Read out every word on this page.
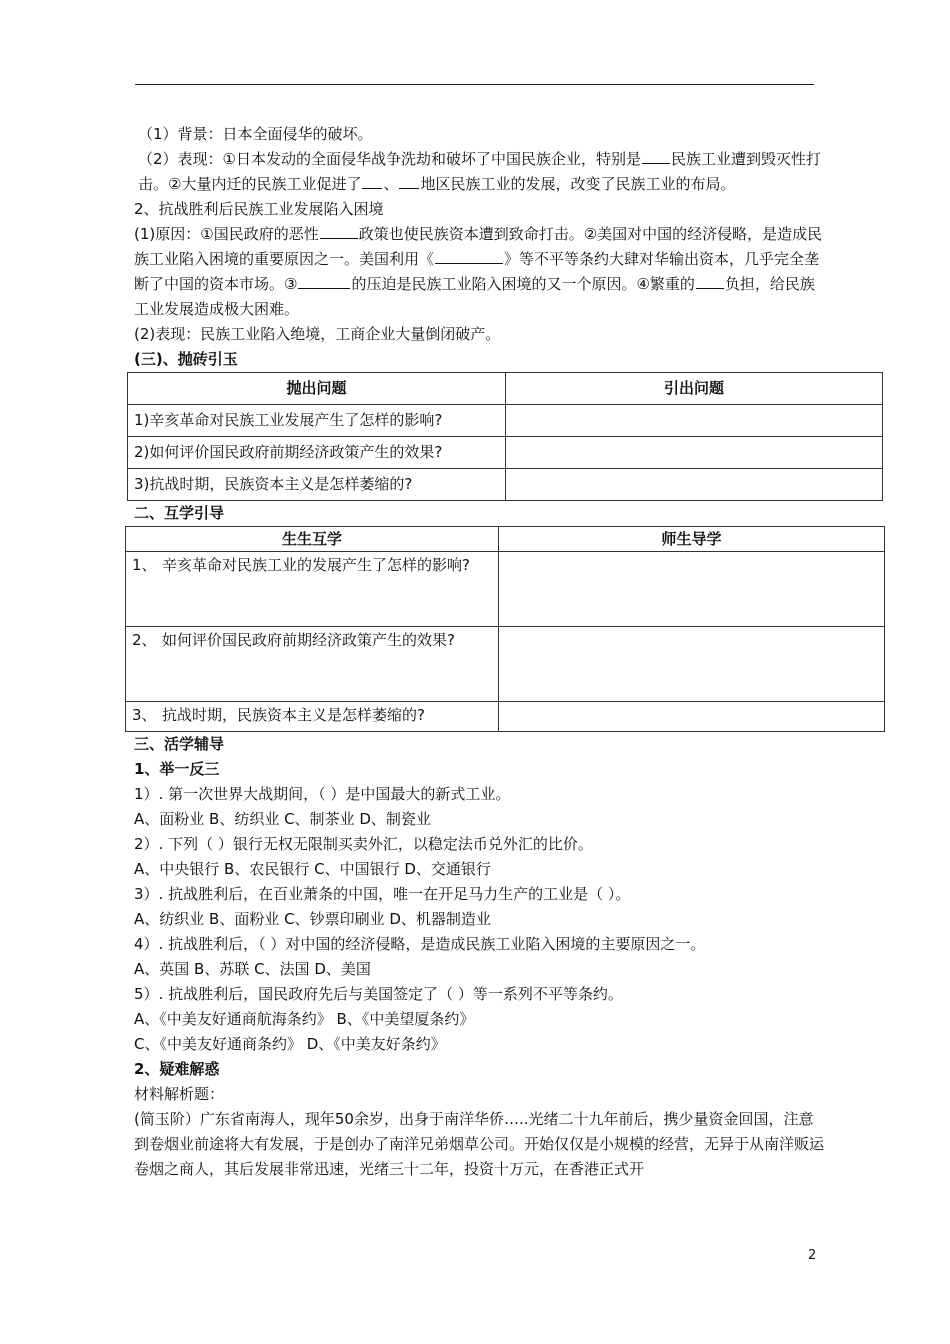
（1）背景：日本全面侵华的破坏。

（2）表现：①日本发动的全面侵华战争洗劫和破坏了中国民族企业，特别是 民族工业遭到毁灭性打击。②大量内迁的民族工业促进了 、 地区民族工业的发展，改变了民族工业的布局。

2、抗战胜利后民族工业发展陷入困境

(1)原因：①国民政府的恶性	政策也使民族资本遭到致命打击。②美国对中国的经济侵略，是造成民族工业陷入困境的重要原因之一。美国利用《	》等不平等条约大肆对华输出资本，几乎完全垄断了中国的资本市场。③	的压迫是民族工业陷入困境的又一个原因。④繁重的 负担，给民族工业发展造成极大困难。

(2)表现：民族工业陷入绝境，工商企业大量倒闭破产。

(三)、抛砖引玉

抛出问题	引出问题
1)辛亥革命对民族工业发展产生了怎样的影响?	
2)如何评价国民政府前期经济政策产生的效果?	
3)抗战时期，民族资本主义是怎样萎缩的?	

二、互学引导

生生互学	师生导学

1、 辛亥革命对民族工业的发展产生了怎样的影响?	

2、 如何评价国民政府前期经济政策产生的效果?	

3、 抗战时期，民族资本主义是怎样萎缩的?	

三、活学辅导

1、举一反三

1）. 第一次世界大战期间，（ ）是中国最大的新式工业。

A、面粉业 B、纺织业 C、制茶业 D、制瓷业

2）. 下列（ ）银行无权无限制买卖外汇，以稳定法币兑外汇的比价。

A、中央银行 B、农民银行 C、中国银行 D、交通银行

3）. 抗战胜利后，在百业萧条的中国，唯一在开足马力生产的工业是（ ）。

A、纺织业 B、面粉业 C、钞票印刷业 D、机器制造业

4）. 抗战胜利后，（ ）对中国的经济侵略，是造成民族工业陷入困境的主要原因之一。

A、英国 B、苏联 C、法国 D、美国

5）. 抗战胜利后，国民政府先后与美国签定了（ ）等一系列不平等条约。

A、《中美友好通商航海条约》 B、《中美望厦条约》

C、《中美友好通商条约》 D、《中美友好条约》

2、疑难解惑

材料解析题：

(简玉阶）广东省南海人，现年50余岁，出身于南洋华侨…..光绪二十九年前后，携少量资金回国，注意到卷烟业前途将大有发展，于是创办了南洋兄弟烟草公司。开始仅仅是小规模的经营，无异于从南洋贩运卷烟之商人，其后发展非常迅速，光绪三十二年，投资十万元，在香港正式开

2
